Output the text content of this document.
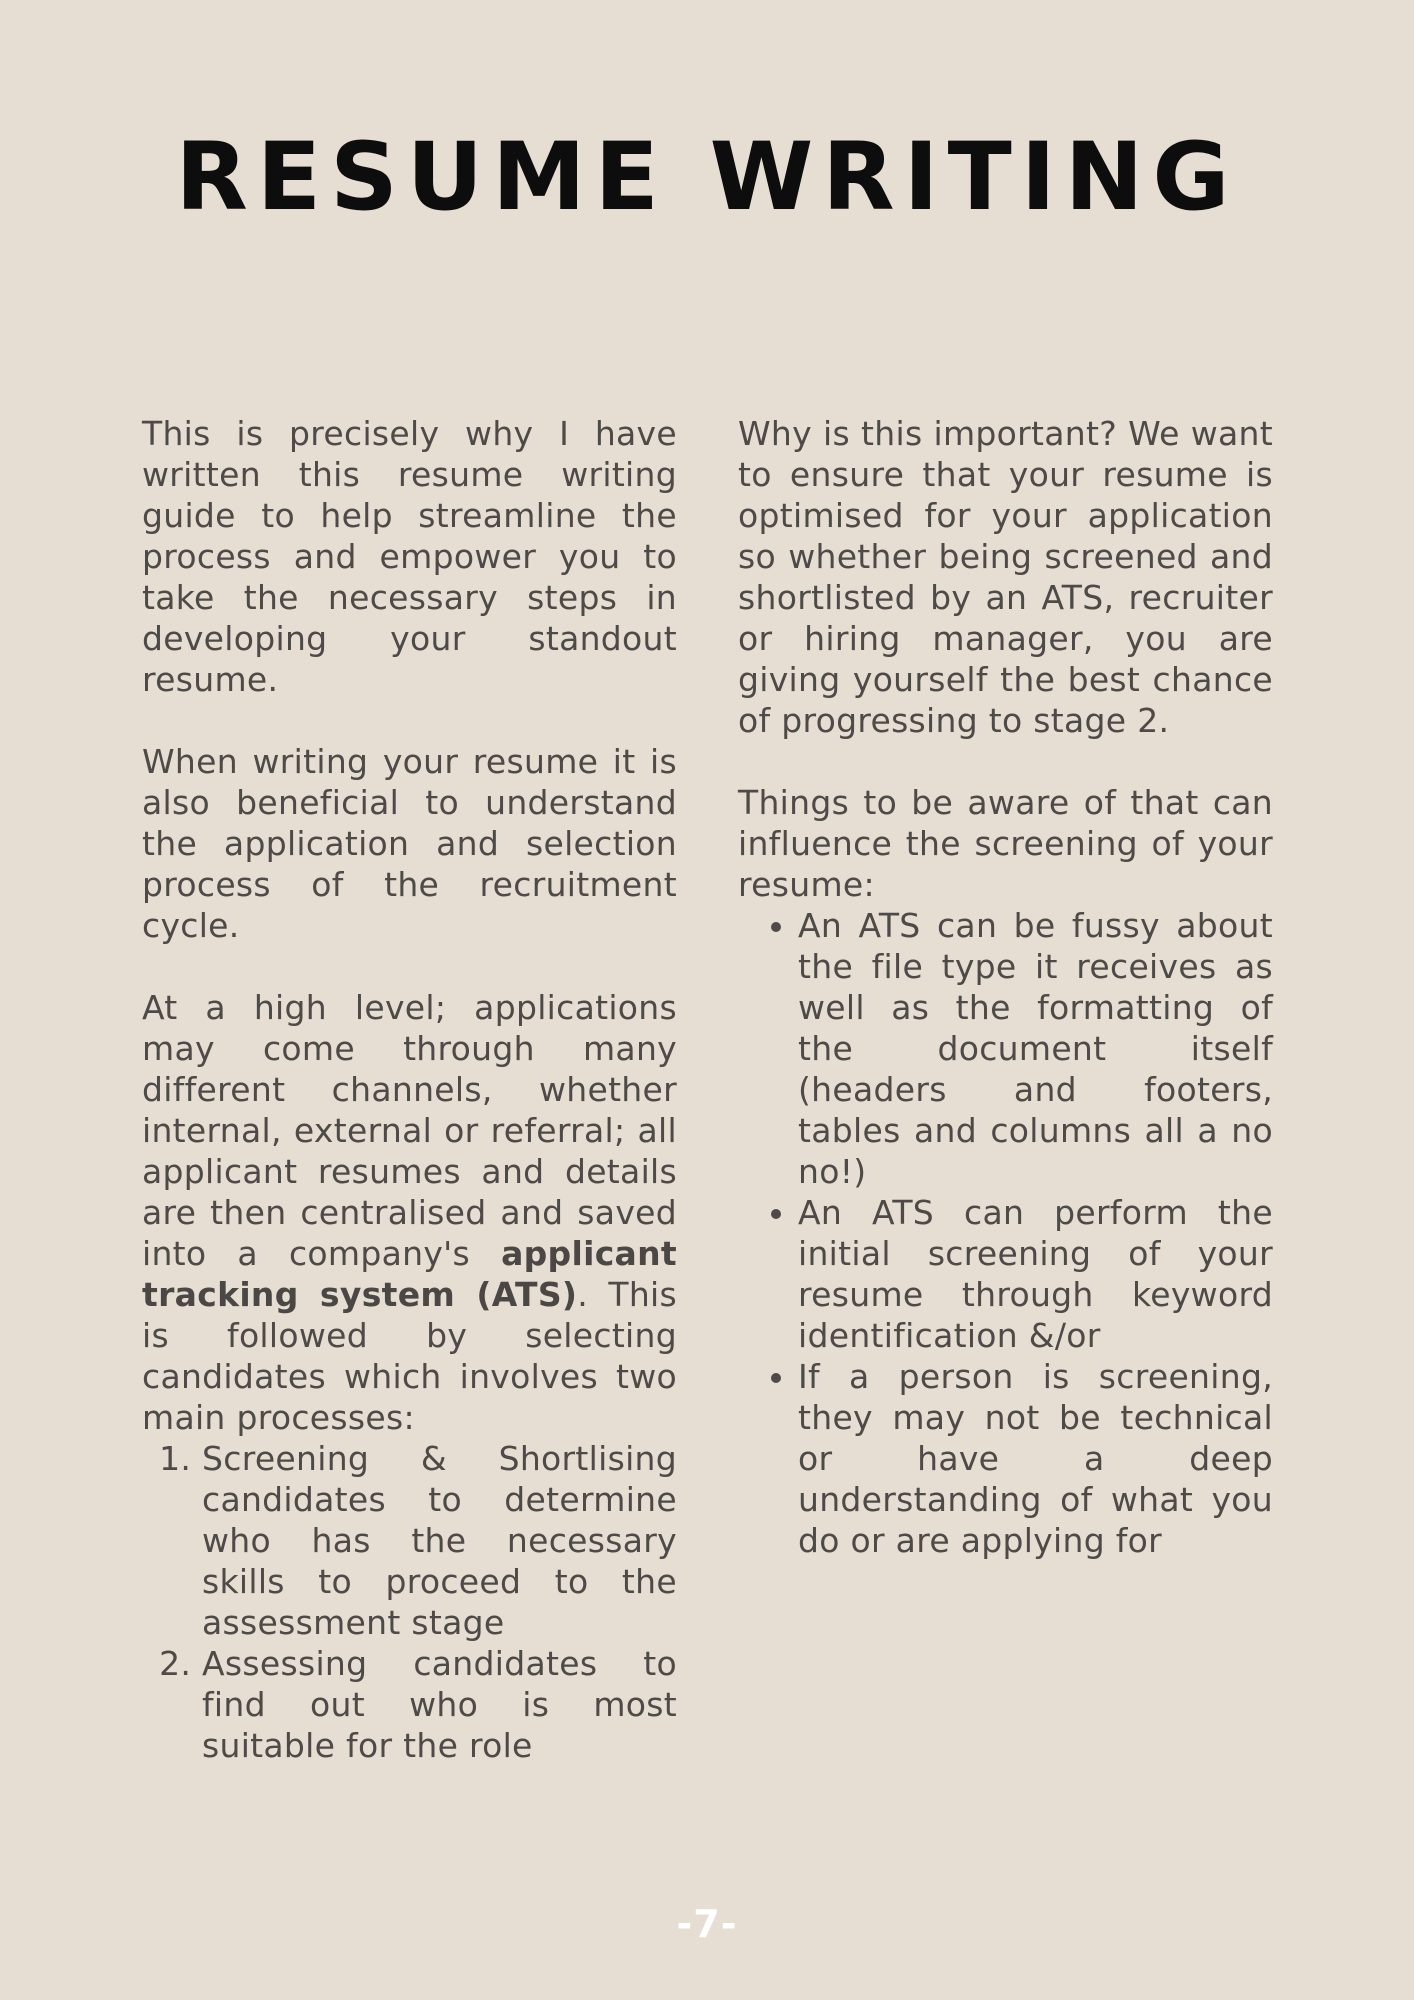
RESUME WRITING

This is precisely why I have written this resume writing guide to help streamline the process and empower you to take the necessary steps in developing your standout resume.

When writing your resume it is also beneficial to understand the application and selection process of the recruitment cycle.

At a high level; applications may come through many different channels, whether internal, external or referral; all applicant resumes and details are then centralised and saved into a company's applicant tracking system (ATS). This is followed by selecting candidates which involves two main processes:

1. Screening & Shortlising candidates to determine who has the necessary skills to proceed to the assessment stage
2. Assessing candidates to find out who is most suitable for the role

Why is this important? We want to ensure that your resume is optimised for your application so whether being screened and shortlisted by an ATS, recruiter or hiring manager, you are giving yourself the best chance of progressing to stage 2.

Things to be aware of that can influence the screening of your resume:

• An ATS can be fussy about the file type it receives as well as the formatting of the document itself (headers and footers, tables and columns all a no no!)
• An ATS can perform the initial screening of your resume through keyword identification &/or
• If a person is screening, they may not be technical or have a deep understanding of what you do or are applying for
-7-
